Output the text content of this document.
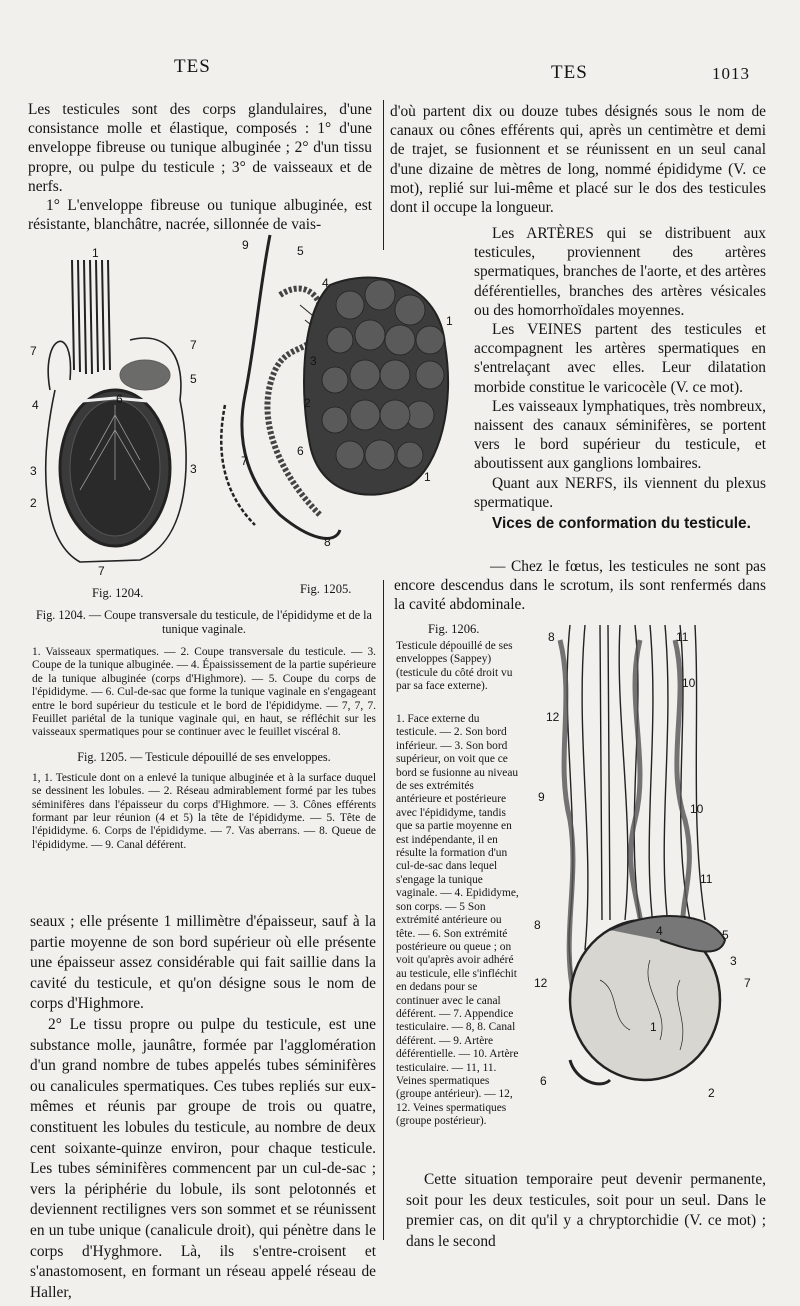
TES	TES	1013

Les testicules sont des corps glandulaires, d'une consistance molle et élastique, composés : 1° d'une enveloppe fibreuse ou tunique albuginée ; 2° d'un tissu propre, ou pulpe du testicule ; 3° de vaisseaux et de nerfs.

1° L'enveloppe fibreuse ou tunique albuginée, est résistante, blanchâtre, nacrée, sillonnée de vais-

1
7	7
5
6
4
3	3
2
7
9	5
4
1
3
2
7
6
1
8
Fig. 1204.	Fig. 1205.

Fig. 1204. — Coupe transversale du testicule, de l'épididyme et de la tunique vaginale.

1. Vaisseaux spermatiques. — 2. Coupe transversale du testicule. — 3. Coupe de la tunique albuginée. — 4. Épaississement de la partie supérieure de la tunique albuginée (corps d'Highmore). — 5. Coupe du corps de l'épididyme. — 6. Cul-de-sac que forme la tunique vaginale en s'engageant entre le bord supérieur du testicule et le bord de l'épididyme. — 7, 7, 7. Feuillet pariétal de la tunique vaginale qui, en haut, se réfléchit sur les vaisseaux spermatiques pour se continuer avec le feuillet viscéral 8.

Fig. 1205. — Testicule dépouillé de ses enveloppes.

1, 1. Testicule dont on a enlevé la tunique albuginée et à la surface duquel se dessinent les lobules. — 2. Réseau admirablement formé par les tubes séminifères dans l'épaisseur du corps d'Highmore. — 3. Cônes efférents formant par leur réunion (4 et 5) la tête de l'épididyme. — 5. Tête de l'épididyme. 6. Corps de l'épididyme. — 7. Vas aberrans. — 8. Queue de l'épididyme. — 9. Canal déférent.

seaux ; elle présente 1 millimètre d'épaisseur, sauf à la partie moyenne de son bord supérieur où elle présente une épaisseur assez considérable qui fait saillie dans la cavité du testicule, et qu'on désigne sous le nom de corps d'Highmore.

2° Le tissu propre ou pulpe du testicule, est une substance molle, jaunâtre, formée par l'agglomération d'un grand nombre de tubes appelés tubes séminifères ou canalicules spermatiques. Ces tubes repliés sur eux-mêmes et réunis par groupe de trois ou quatre, constituent les lobules du testicule, au nombre de deux cent soixante-quinze environ, pour chaque testicule. Les tubes séminifères commencent par un cul-de-sac ; vers la périphérie du lobule, ils sont pelotonnés et deviennent rectilignes vers son sommet et se réunissent en un tube unique (canalicule droit), qui pénètre dans le corps d'Hyghmore. Là, ils s'entre-croisent et s'anastomosent, en formant un réseau appelé réseau de Haller,

d'où partent dix ou douze tubes désignés sous le nom de canaux ou cônes efférents qui, après un centimètre et demi de trajet, se fusionnent et se réunissent en un seul canal d'une dizaine de mètres de long, nommé épididyme (V. ce mot), replié sur lui-même et placé sur le dos des testicules dont il occupe la longueur.

Les ARTÈRES qui se distribuent aux testicules, proviennent des artères spermatiques, branches de l'aorte, et des artères déférentielles, branches des artères vésicales ou des homorrhoïdales moyennes.

Les VEINES partent des testicules et accompagnent les artères spermatiques en s'entrelaçant avec elles. Leur dilatation morbide constitue le varicocèle (V. ce mot).

Les vaisseaux lymphatiques, très nombreux, naissent des canaux séminifères, se portent vers le bord supérieur du testicule, et aboutissent aux ganglions lombaires.

Quant aux NERFS, ils viennent du plexus spermatique.

Vices de conformation du testicule.

— Chez le fœtus, les testicules ne sont pas encore descendus dans le scrotum, ils sont renfermés dans la cavité abdominale.

8	11
10
12
9
10
11
8	4	5
3
7
12
1
6
2
Fig. 1206.

Testicule dépouillé de ses enveloppes (Sappey) (testicule du côté droit vu par sa face externe).

1. Face externe du testicule. — 2. Son bord inférieur. — 3. Son bord supérieur, on voit que ce bord se fusionne au niveau de ses extrémités antérieure et postérieure avec l'épididyme, tandis que sa partie moyenne en est indépendante, il en résulte la formation d'un cul-de-sac dans lequel s'engage la tunique vaginale. — 4. Epididyme, son corps. — 5 Son extrémité antérieure ou tête. — 6. Son extrémité postérieure ou queue ; on voit qu'après avoir adhéré au testicule, elle s'infléchit en dedans pour se continuer avec le canal déférent. — 7. Appendice testiculaire. — 8, 8. Canal déférent. — 9. Artère déférentielle. — 10. Artère testiculaire. — 11, 11. Veines spermatiques (groupe antérieur). — 12, 12. Veines spermatiques (groupe postérieur).

Cette situation temporaire peut devenir permanente, soit pour les deux testicules, soit pour un seul. Dans le premier cas, on dit qu'il y a chryptorchidie (V. ce mot) ; dans le second
